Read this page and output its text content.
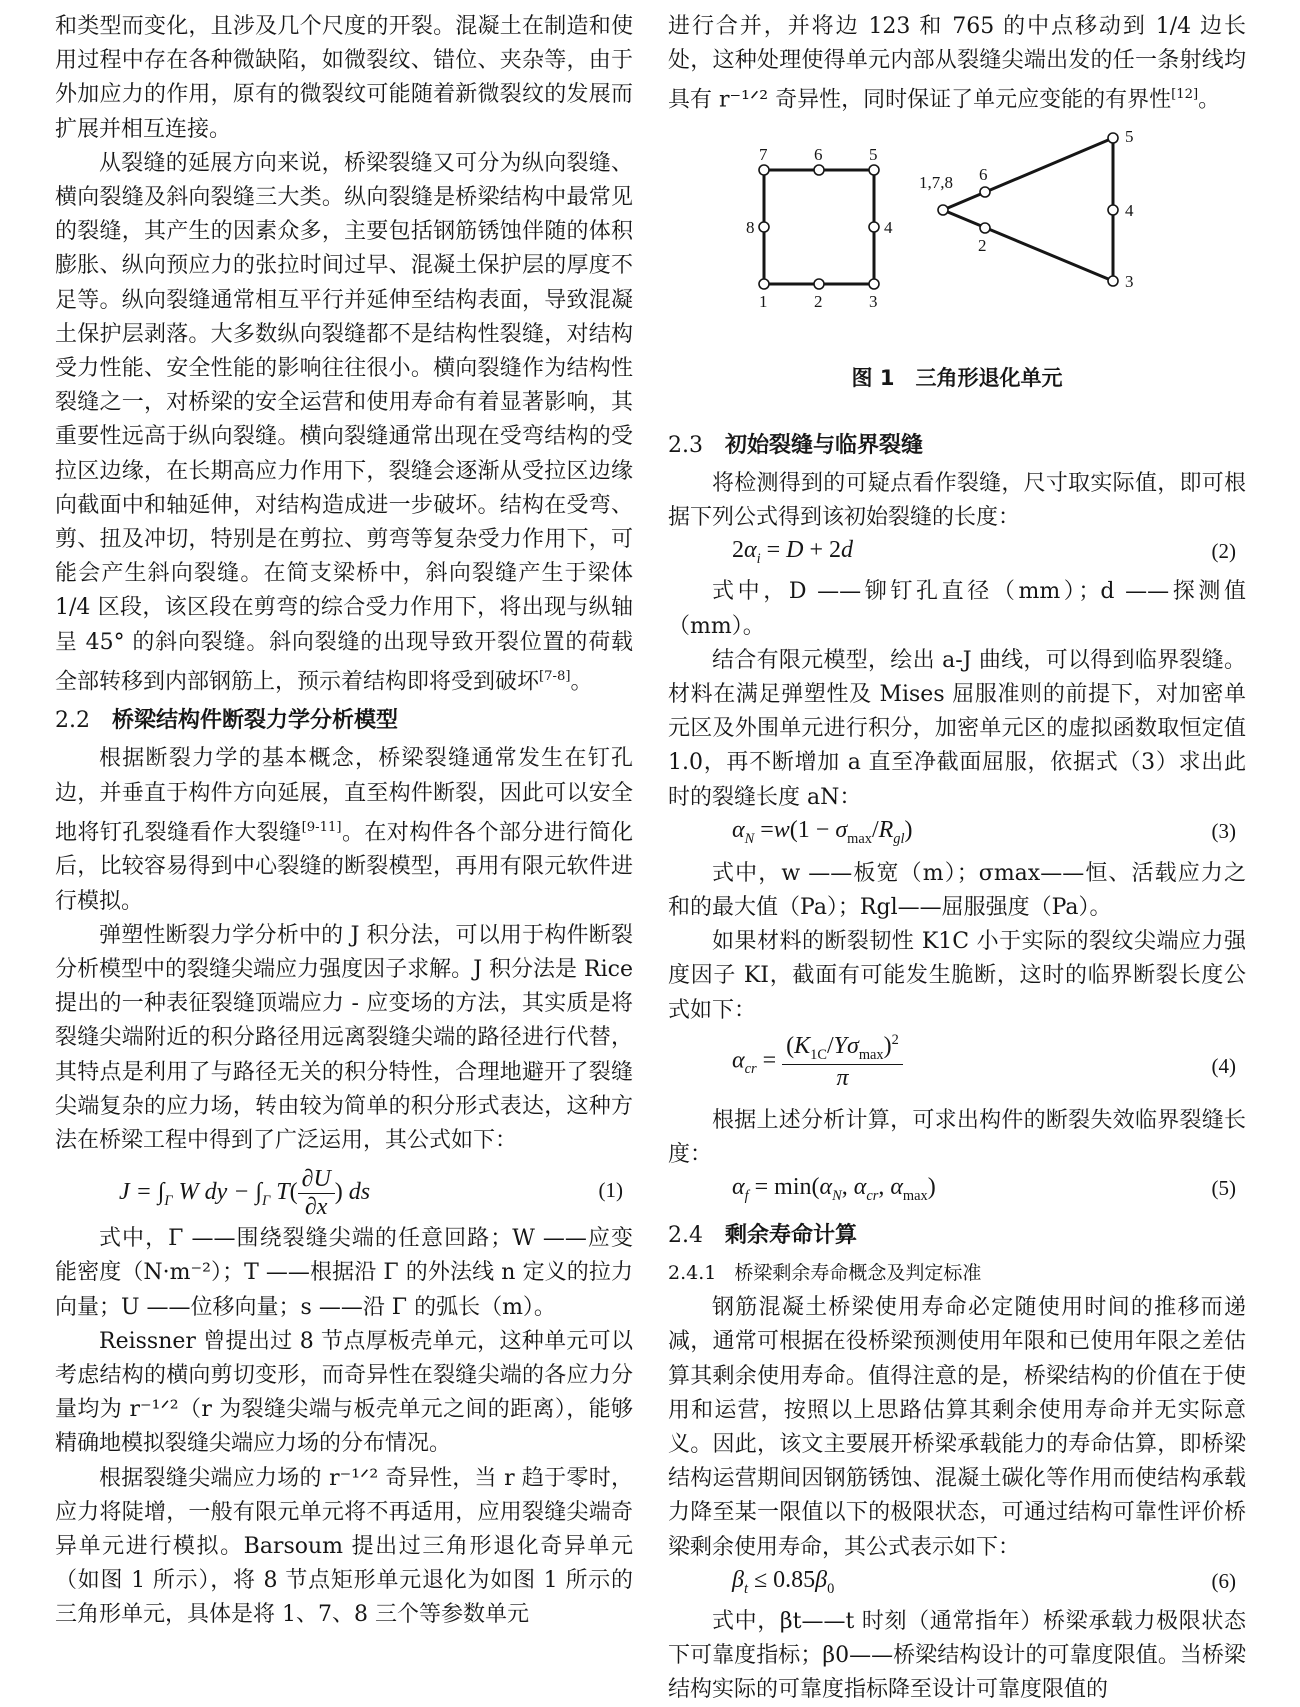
和类型而变化，且涉及几个尺度的开裂。混凝土在制造和使用过程中存在各种微缺陷，如微裂纹、错位、夹杂等，由于外加应力的作用，原有的微裂纹可能随着新微裂纹的发展而扩展并相互连接。

从裂缝的延展方向来说，桥梁裂缝又可分为纵向裂缝、横向裂缝及斜向裂缝三大类。纵向裂缝是桥梁结构中最常见的裂缝，其产生的因素众多，主要包括钢筋锈蚀伴随的体积膨胀、纵向预应力的张拉时间过早、混凝土保护层的厚度不足等。纵向裂缝通常相互平行并延伸至结构表面，导致混凝土保护层剥落。大多数纵向裂缝都不是结构性裂缝，对结构受力性能、安全性能的影响往往很小。横向裂缝作为结构性裂缝之一，对桥梁的安全运营和使用寿命有着显著影响，其重要性远高于纵向裂缝。横向裂缝通常出现在受弯结构的受拉区边缘，在长期高应力作用下，裂缝会逐渐从受拉区边缘向截面中和轴延伸，对结构造成进一步破坏。结构在受弯、剪、扭及冲切，特别是在剪拉、剪弯等复杂受力作用下，可能会产生斜向裂缝。在简支梁桥中，斜向裂缝产生于梁体 1/4 区段，该区段在剪弯的综合受力作用下，将出现与纵轴呈 45° 的斜向裂缝。斜向裂缝的出现导致开裂位置的荷载全部转移到内部钢筋上，预示着结构即将受到破坏[7-8]。

2.2 桥梁结构件断裂力学分析模型

根据断裂力学的基本概念，桥梁裂缝通常发生在钉孔边，并垂直于构件方向延展，直至构件断裂，因此可以安全地将钉孔裂缝看作大裂缝[9-11]。在对构件各个部分进行简化后，比较容易得到中心裂缝的断裂模型，再用有限元软件进行模拟。

弹塑性断裂力学分析中的 J 积分法，可以用于构件断裂分析模型中的裂缝尖端应力强度因子求解。J 积分法是 Rice 提出的一种表征裂缝顶端应力 - 应变场的方法，其实质是将裂缝尖端附近的积分路径用远离裂缝尖端的路径进行代替，其特点是利用了与路径无关的积分特性，合理地避开了裂缝尖端复杂的应力场，转由较为简单的积分形式表达，这种方法在桥梁工程中得到了广泛运用，其公式如下：

$J = \int_\Gamma$ W dy − $\int_\Gamma$ $T( \frac{\partial U}{\partial x}$ ) ds	(1)

式中，Γ ——围绕裂缝尖端的任意回路；W ——应变能密度（N·m⁻²）；T ——根据沿 Γ 的外法线 n 定义的拉力向量；U ——位移向量；s ——沿 Γ 的弧长（m）。

Reissner 曾提出过 8 节点厚板壳单元，这种单元可以考虑结构的横向剪切变形，而奇异性在裂缝尖端的各应力分量均为 r⁻¹ᐟ²（r 为裂缝尖端与板壳单元之间的距离），能够精确地模拟裂缝尖端应力场的分布情况。

根据裂缝尖端应力场的 r⁻¹ᐟ² 奇异性，当 r 趋于零时，应力将陡增，一般有限元单元将不再适用，应用裂缝尖端奇异单元进行模拟。Barsoum 提出过三角形退化奇异单元（如图 1 所示），将 8 节点矩形单元退化为如图 1 所示的三角形单元，具体是将 1、7、8 三个等参数单元

进行合并，并将边 123 和 765 的中点移动到 1/4 边长处，这种处理使得单元内部从裂缝尖端出发的任一条射线均具有 r⁻¹ᐟ² 奇异性，同时保证了单元应变能的有界性[12]。

1	2	3
4
5
6
7
8
1,7,8
2
3
4
5
6
图 1　三角形退化单元
2.3 初始裂缝与临界裂缝

将检测得到的可疑点看作裂缝，尺寸取实际值，即可根据下列公式得到该初始裂缝的长度：

$2\alpha_i = D + 2d$	(2)

式中，D ——铆钉孔直径（mm）；d ——探测值（mm）。

结合有限元模型，绘出 a-J 曲线，可以得到临界裂缝。材料在满足弹塑性及 Mises 屈服准则的前提下，对加密单元区及外围单元进行积分，加密单元区的虚拟函数取恒定值 1.0，再不断增加 a 直至净截面屈服，依据式（3）求出此时的裂缝长度 aN：

$\alpha_N =w(1 - \sigma_{max}/R_{gl})$	(3)

式中，w ——板宽（m）；σmax——恒、活载应力之和的最大值（Pa）；Rgl——屈服强度（Pa）。

如果材料的断裂韧性 K1C 小于实际的裂纹尖端应力强度因子 KI，截面有可能发生脆断，这时的临界断裂长度公式如下：

$\alpha_{cr} = \frac{(K_{1C}/Y\sigma_{max})^2}{\pi}$	(4)

根据上述分析计算，可求出构件的断裂失效临界裂缝长度：

$\alpha_f = \min(\alpha_N$, $\alpha_{cr}$, $\alpha_{max}$)	(5)
2.4 剩余寿命计算
2.4.1 桥梁剩余寿命概念及判定标准

钢筋混凝土桥梁使用寿命必定随使用时间的推移而递减，通常可根据在役桥梁预测使用年限和已使用年限之差估算其剩余使用寿命。值得注意的是，桥梁结构的价值在于使用和运营，按照以上思路估算其剩余使用寿命并无实际意义。因此，该文主要展开桥梁承载能力的寿命估算，即桥梁结构运营期间因钢筋锈蚀、混凝土碳化等作用而使结构承载力降至某一限值以下的极限状态，可通过结构可靠性评价桥梁剩余使用寿命，其公式表示如下：

$\beta_t \le 0.85\beta_0$	(6)

式中，βt——t 时刻（通常指年）桥梁承载力极限状态下可靠度指标；β0——桥梁结构设计的可靠度限值。当桥梁结构实际的可靠度指标降至设计可靠度限值的
